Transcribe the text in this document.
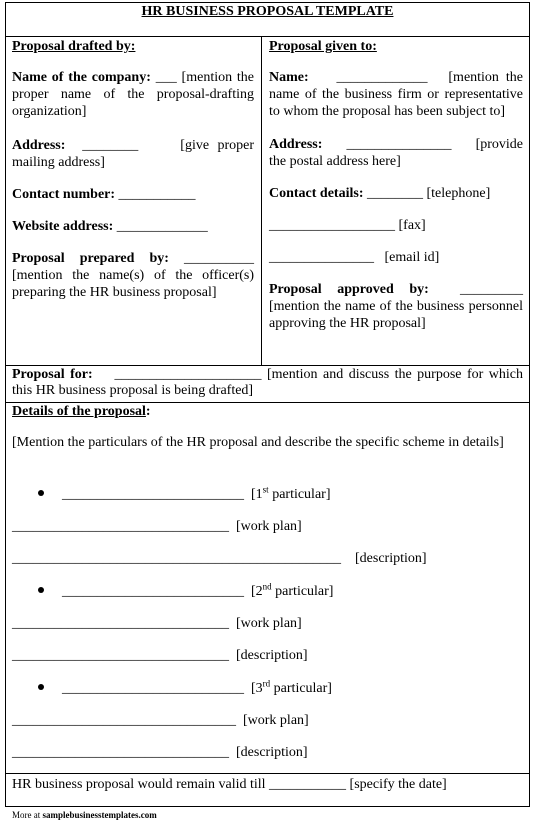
HR BUSINESS PROPOSAL TEMPLATE

Proposal drafted by:

Name of the company: ___ [mention the proper name of the proposal-drafting organization]

Address: ________	[give proper mailing address]

Contact number: ___________

Website address: _____________

Proposal prepared by: __________ [mention the name(s) of the officer(s) preparing the HR business proposal]

Proposal given to:

Name: _____________ [mention the name of the business firm or representative to whom the proposal has been subject to]

Address: _______________ [provide the postal address here]

Contact details: ________ [telephone]

__________________ [fax]

_______________ [email id]

Proposal approved by: _________ [mention the name of the business personnel approving the HR proposal]

Proposal for: _____________________ [mention and discuss the purpose for which this HR business proposal is being drafted]

Details of the proposal:

[Mention the particulars of the HR proposal and describe the specific scheme in details]

__________________________  [1st particular]
_______________________________ [work plan]
_______________________________________________ [description]
__________________________  [2nd particular]
_______________________________ [work plan]
_______________________________ [description]
__________________________  [3rd particular]
________________________________ [work plan]
_______________________________ [description]
HR business proposal would remain valid till ___________ [specify the date]
More at samplebusinesstemplates.com
